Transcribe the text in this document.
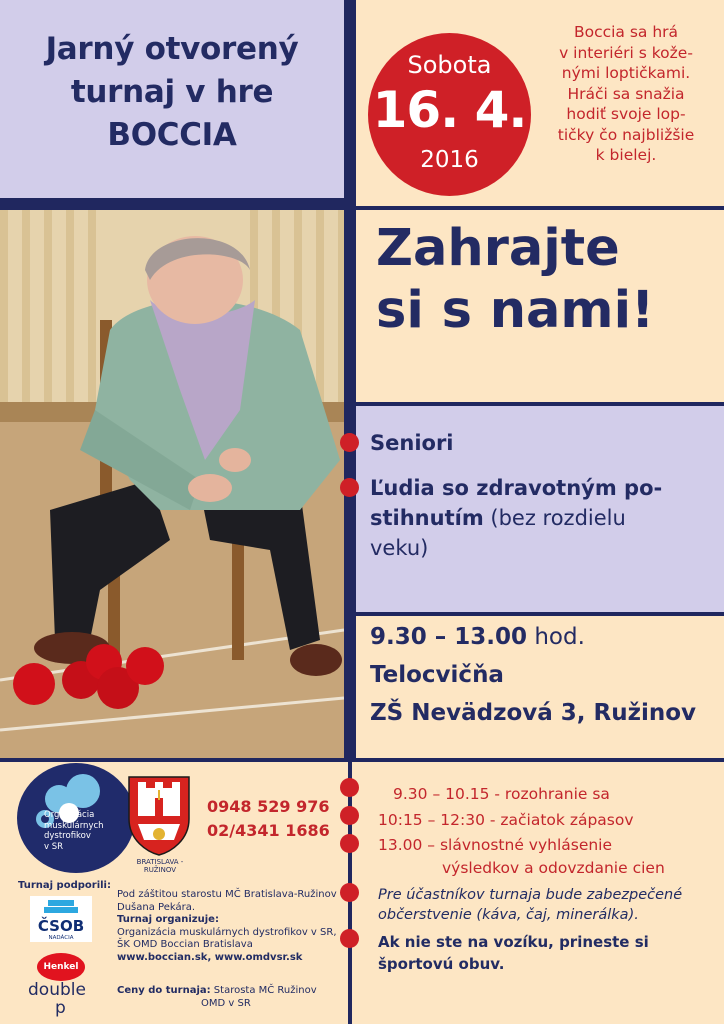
Jarný otvorený
turnaj v hre
BOCCIA
Sobota
16. 4.
2016
Boccia sa hrá
v interiéri s kože-
nými loptičkami.
Hráči sa snažia
hodiť svoje lop-
tičky čo najbližšie
k bielej.
Zahrajte
si s nami!
Seniori
Ľudia so zdravotným po-
stihnutím (bez rozdielu
veku)
9.30 – 13.00 hod.
Telocvičňa
ZŠ Nevädzová 3, Ružinov
Organizácia
muskulárnych
dystrofikov
v SR
BRATISLAVA - RUŽINOV
0948 529 976
02/4341 1686
Turnaj podporili:
ČSOB
NADÁCIA
Henkel
double
p
Pod záštitou starostu MČ Bratislava-Ružinov
Dušana Pekára.
Turnaj organizuje:
Organizácia muskulárnych dystrofikov v SR,
ŠK OMD Boccian Bratislava
www.boccian.sk, www.omdvsr.sk
Ceny do turnaja: Starosta MČ Ružinov
OMD v SR
9.30 – 10.15 - rozohranie sa
10:15 – 12:30 - začiatok zápasov
13.00 – slávnostné vyhlásenie
výsledkov a odovzdanie cien
Pre účastníkov turnaja bude zabezpečené
občerstvenie (káva, čaj, minerálka).
Ak nie ste na vozíku, prineste si
športovú obuv.
